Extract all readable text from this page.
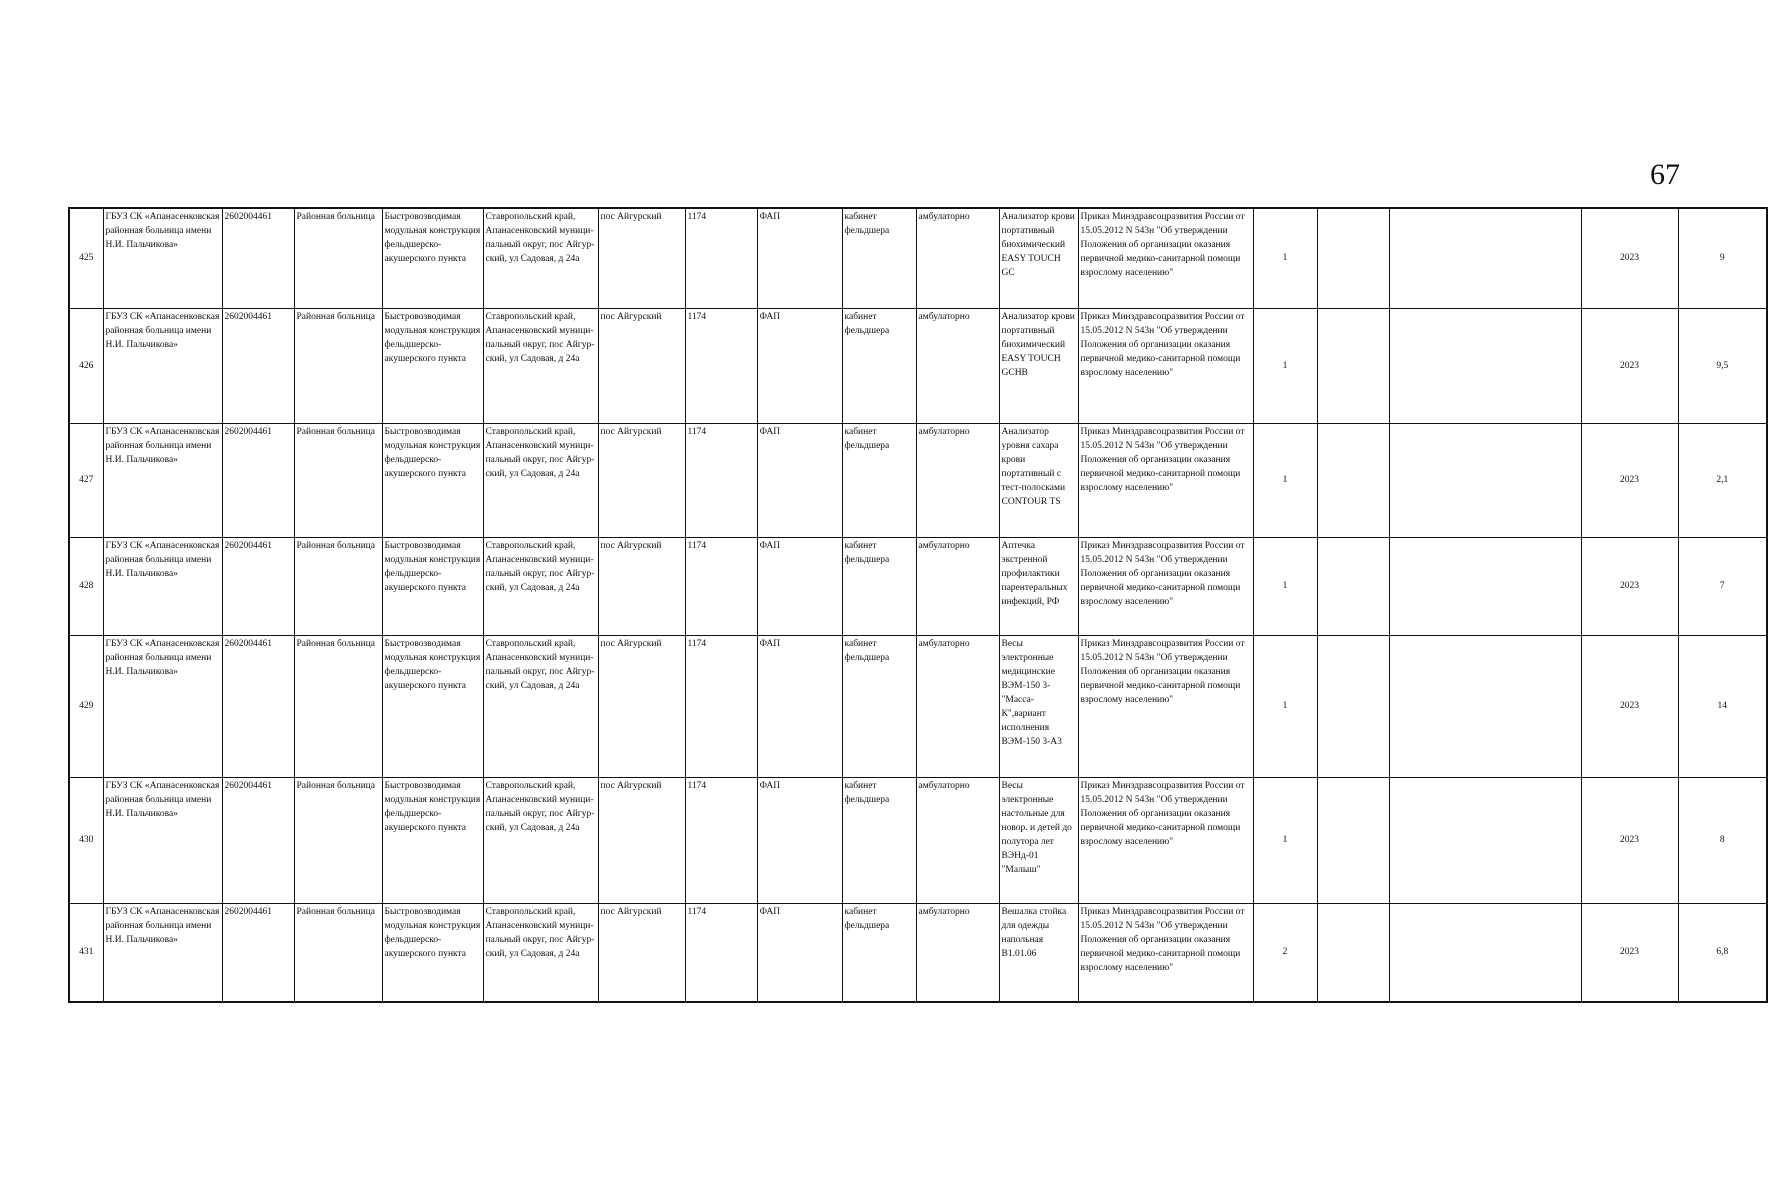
67
425	ГБУЗ СК «Апанасенковская районная больница имени Н.И. Пальчикова»	2602004461	Районная больница	Быстровозводимая модульная конструкция фельдшерско-акушерского пункта	Ставропольский край, Апанасенковский муници-пальный округ, пос Айгур-ский, ул Садовая, д 24а	пос Айгурский	1174	ФАП	кабинет фельдшера	амбулаторно	Анализатор крови портативный биохимический EASY TOUCH GC	Приказ Минздравсоцразвития России от 15.05.2012 N 543н "Об утверждении Положения об организации оказания первичной медико-санитарной помощи взрослому населению"	1			2023	9
426	ГБУЗ СК «Апанасенковская районная больница имени Н.И. Пальчикова»	2602004461	Районная больница	Быстровозводимая модульная конструкция фельдшерско-акушерского пункта	Ставропольский край, Апанасенковский муници-пальный округ, пос Айгур-ский, ул Садовая, д 24а	пос Айгурский	1174	ФАП	кабинет фельдшера	амбулаторно	Анализатор крови портативный биохимический EASY TOUCH GCHB	Приказ Минздравсоцразвития России от 15.05.2012 N 543н "Об утверждении Положения об организации оказания первичной медико-санитарной помощи взрослому населению"	1			2023	9,5
427	ГБУЗ СК «Апанасенковская районная больница имени Н.И. Пальчикова»	2602004461	Районная больница	Быстровозводимая модульная конструкция фельдшерско-акушерского пункта	Ставропольский край, Апанасенковский муници-пальный округ, пос Айгур-ский, ул Садовая, д 24а	пос Айгурский	1174	ФАП	кабинет фельдшера	амбулаторно	Анализатор уровня сахара крови портативный с тест-полосками CONTOUR TS	Приказ Минздравсоцразвития России от 15.05.2012 N 543н "Об утверждении Положения об организации оказания первичной медико-санитарной помощи взрослому населению"	1			2023	2,1
428	ГБУЗ СК «Апанасенковская районная больница имени Н.И. Пальчикова»	2602004461	Районная больница	Быстровозводимая модульная конструкция фельдшерско-акушерского пункта	Ставропольский край, Апанасенковский муници-пальный округ, пос Айгур-ский, ул Садовая, д 24а	пос Айгурский	1174	ФАП	кабинет фельдшера	амбулаторно	Аптечка экстренной профилактики парентеральных инфекций, РФ	Приказ Минздравсоцразвития России от 15.05.2012 N 543н "Об утверждении Положения об организации оказания первичной медико-санитарной помощи взрослому населению"	1			2023	7
429	ГБУЗ СК «Апанасенковская районная больница имени Н.И. Пальчикова»	2602004461	Районная больница	Быстровозводимая модульная конструкция фельдшерско-акушерского пункта	Ставропольский край, Апанасенковский муници-пальный округ, пос Айгур-ский, ул Садовая, д 24а	пос Айгурский	1174	ФАП	кабинет фельдшера	амбулаторно	Весы электронные медицинские ВЭМ-150 3-"Масса-К",вариант исполнения ВЭМ-150 3-А3	Приказ Минздравсоцразвития России от 15.05.2012 N 543н "Об утверждении Положения об организации оказания первичной медико-санитарной помощи взрослому населению"	1			2023	14
430	ГБУЗ СК «Апанасенковская районная больница имени Н.И. Пальчикова»	2602004461	Районная больница	Быстровозводимая модульная конструкция фельдшерско-акушерского пункта	Ставропольский край, Апанасенковский муници-пальный округ, пос Айгур-ский, ул Садовая, д 24а	пос Айгурский	1174	ФАП	кабинет фельдшера	амбулаторно	Весы электронные настольные для новор. и детей до полутора лет ВЭНд-01 "Малыш"	Приказ Минздравсоцразвития России от 15.05.2012 N 543н "Об утверждении Положения об организации оказания первичной медико-санитарной помощи взрослому населению"	1			2023	8
431	ГБУЗ СК «Апанасенковская районная больница имени Н.И. Пальчикова»	2602004461	Районная больница	Быстровозводимая модульная конструкция фельдшерско-акушерского пункта	Ставропольский край, Апанасенковский муници-пальный округ, пос Айгур-ский, ул Садовая, д 24а	пос Айгурский	1174	ФАП	кабинет фельдшера	амбулаторно	Вешалка стойка для одежды напольная В1.01.06	Приказ Минздравсоцразвития России от 15.05.2012 N 543н "Об утверждении Положения об организации оказания первичной медико-санитарной помощи взрослому населению"	2			2023	6,8
